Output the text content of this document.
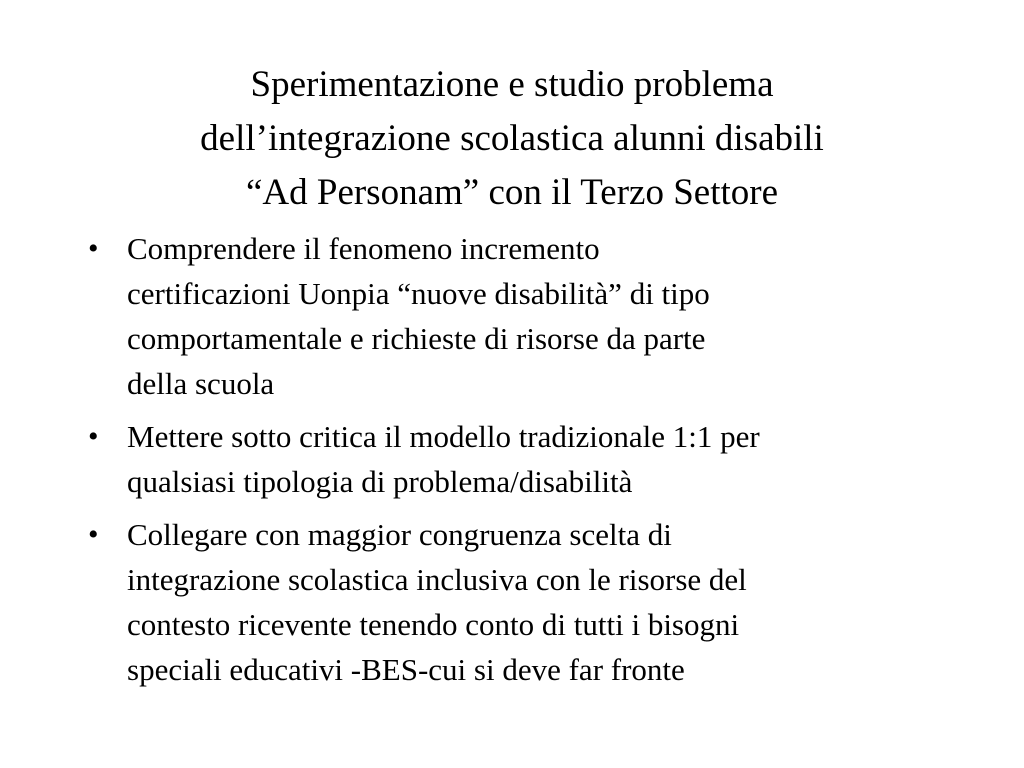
Sperimentazione e studio problema
dell’integrazione scolastica alunni disabili
“Ad Personam” con il Terzo Settore
• Comprendere il fenomeno incremento
certificazioni Uonpia “nuove disabilità” di tipo
comportamentale e richieste di risorse da parte
della scuola
• Mettere sotto critica il modello tradizionale 1:1 per
qualsiasi tipologia di problema/disabilità
• Collegare con maggior congruenza scelta di
integrazione scolastica inclusiva con le risorse del
contesto ricevente tenendo conto di tutti i bisogni
speciali educativi -BES-cui si deve far fronte
